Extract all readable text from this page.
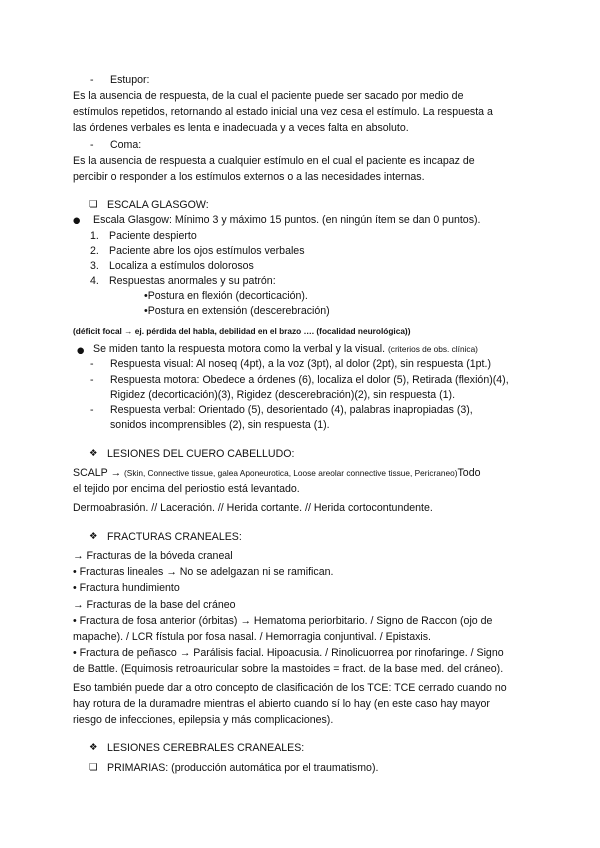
- Estupor:
Es la ausencia de respuesta, de la cual el paciente puede ser sacado por medio de
estímulos repetidos, retornando al estado inicial una vez cesa el estímulo. La respuesta a
las órdenes verbales es lenta e inadecuada y a veces falta en absoluto.
- Coma:
Es la ausencia de respuesta a cualquier estímulo en el cual el paciente es incapaz de
percibir o responder a los estímulos externos o a las necesidades internas.
❏ ESCALA GLASGOW:
● Escala Glasgow: Mínimo 3 y máximo 15 puntos. (en ningún ítem se dan 0 puntos).
1. Paciente despierto
2. Paciente abre los ojos estímulos verbales
3. Localiza a estímulos dolorosos
4. Respuestas anormales y su patrón:
•Postura en flexión (decorticación).
•Postura en extensión (descerebración)
(déficit focal → ej. pérdida del habla, debilidad en el brazo …. (focalidad neurológica))
● Se miden tanto la respuesta motora como la verbal y la visual. (criterios de obs. clínica)
- Respuesta visual: Al noseq (4pt), a la voz (3pt), al dolor (2pt), sin respuesta (1pt.)
- Respuesta motora: Obedece a órdenes (6), localiza el dolor (5), Retirada (flexión)(4),
Rigidez (decorticación)(3), Rigidez (descerebración)(2), sin respuesta (1).
- Respuesta verbal: Orientado (5), desorientado (4), palabras inapropiadas (3),
sonidos incomprensibles (2), sin respuesta (1).
❖ LESIONES DEL CUERO CABELLUDO:
SCALP → (Skin, Connective tissue, galea Aponeurotica, Loose areolar connective tissue, Pericraneo)Todo
el tejido por encima del periostio está levantado.
Dermoabrasión. // Laceración. // Herida cortante. // Herida cortocontundente.
❖ FRACTURAS CRANEALES:
→ Fracturas de la bóveda craneal
• Fracturas lineales → No se adelgazan ni se ramifican.
• Fractura hundimiento
→ Fracturas de la base del cráneo
• Fractura de fosa anterior (órbitas) → Hematoma periorbitario. / Signo de Raccon (ojo de
mapache). / LCR fístula por fosa nasal. / Hemorragia conjuntival. / Epistaxis.
• Fractura de peñasco → Parálisis facial. Hipoacusia. / Rinolicuorrea por rinofaringe. / Signo
de Battle. (Equimosis retroauricular sobre la mastoides = fract. de la base med. del cráneo).
Eso también puede dar a otro concepto de clasificación de los TCE: TCE cerrado cuando no
hay rotura de la duramadre mientras el abierto cuando sí lo hay (en este caso hay mayor
riesgo de infecciones, epilepsia y más complicaciones).
❖ LESIONES CEREBRALES CRANEALES:
❏ PRIMARIAS: (producción automática por el traumatismo).
